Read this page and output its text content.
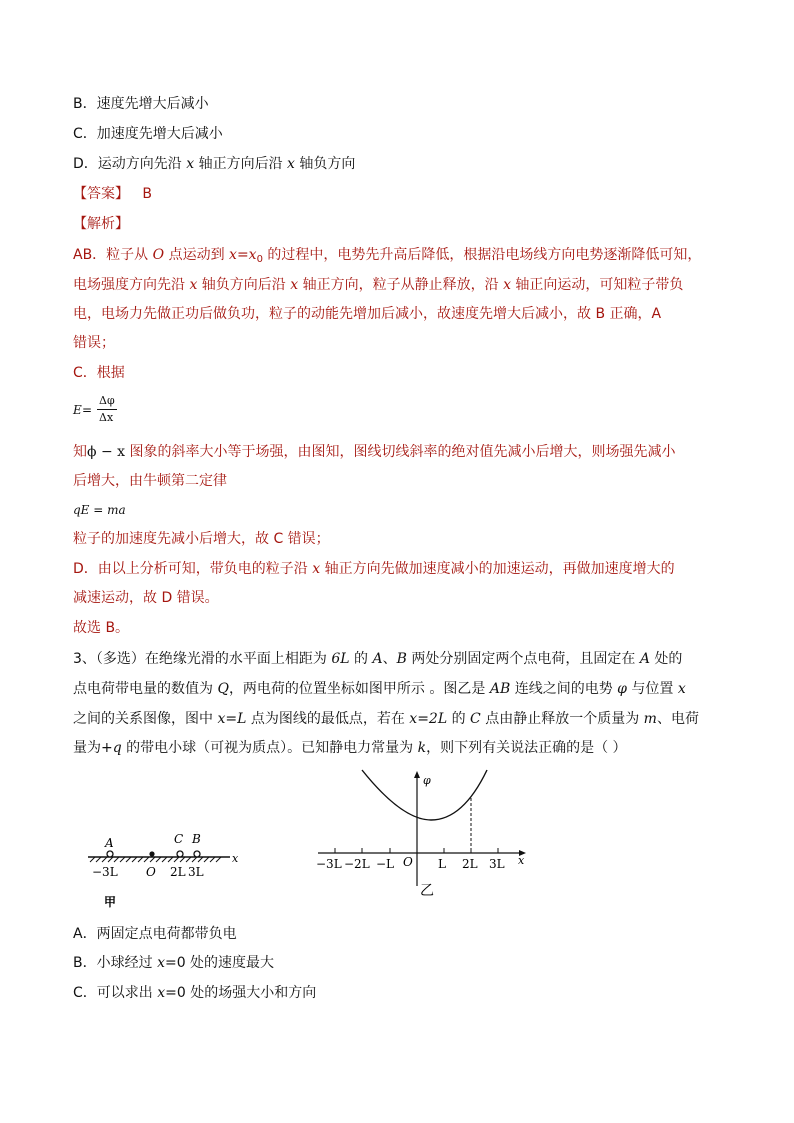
B．速度先增大后减小
C．加速度先增大后减小
D．运动方向先沿 x 轴正方向后沿 x 轴负方向
【答案】 B
【解析】
AB．粒子从 O 点运动到 $x=x_0$ 的过程中，电势先升高后降低，根据沿电场线方向电势逐渐降低可知，
电场强度方向先沿 x 轴负方向后沿 x 轴正方向，粒子从静止释放，沿 x 轴正向运动，可知粒子带负
电，电场力先做正功后做负功，粒子的动能先增加后减小，故速度先增大后减小，故 B 正确，A
错误；
C．根据
E =
Δφ
Δx
知ϕ − x 图象的斜率大小等于场强，由图知，图线切线斜率的绝对值先减小后增大，则场强先减小
后增大，由牛顿第二定律
qE = ma
粒子的加速度先减小后增大，故 C 错误；
D．由以上分析可知，带负电的粒子沿 x 轴正方向先做加速度减小的加速运动，再做加速度增大的
减速运动，故 D 错误。
故选 B。
3、（多选）在绝缘光滑的水平面上相距为 6L 的 A、B 两处分别固定两个点电荷，且固定在 A 处的
点电荷带电量的数值为 Q，两电荷的位置坐标如图甲所示 。图乙是 AB 连线之间的电势 φ 与位置 x
之间的关系图像，图中 x=L 点为图线的最低点，若在 x=2L 的 C 点由静止释放一个质量为 m、电荷
量为+q 的带电小球（可视为质点）。已知静电力常量为 k，则下列有关说法正确的是（ ）
A	C B
−3L O 2L 3L
x
甲
φ
x
O
−3L −2L −L	L 2L 3L
乙
A．两固定点电荷都带负电
B．小球经过 x=0 处的速度最大
C．可以求出 x=0 处的场强大小和方向
